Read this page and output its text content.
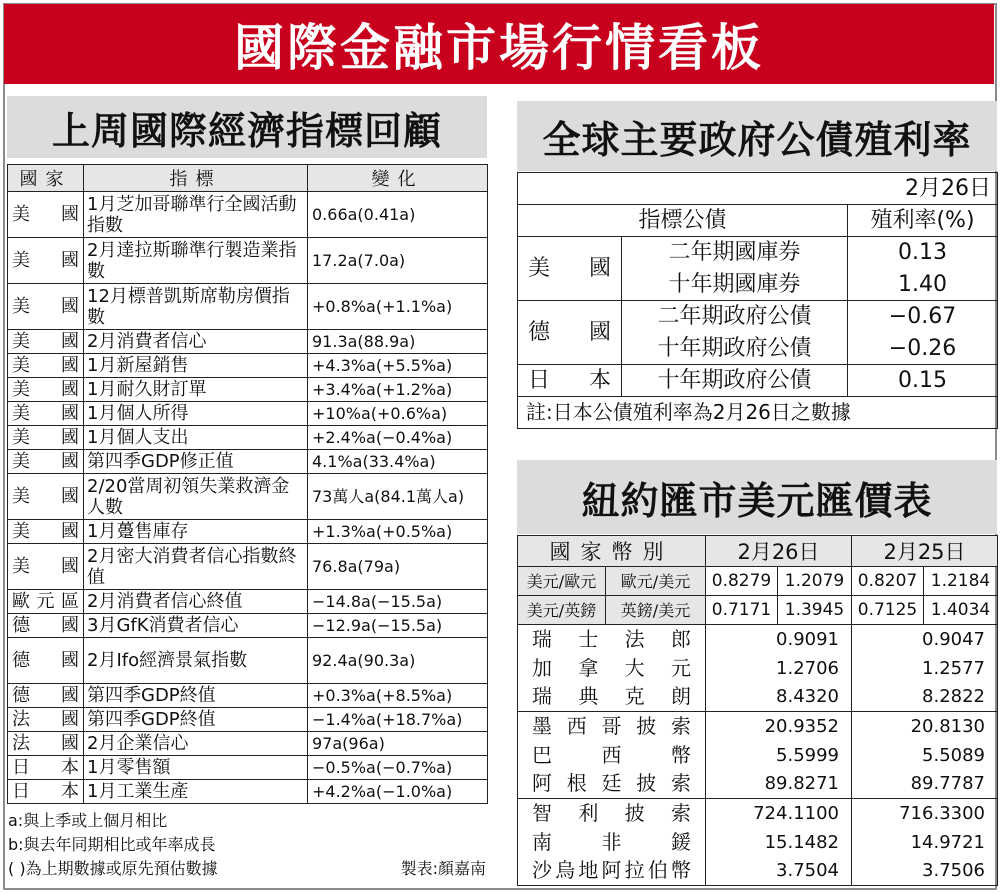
國際金融市場行情看板
上周國際經濟指標回顧
國家	指標	變化
美國	1月芝加哥聯準行全國活動指數	0.66a(0.41a)
美國	2月達拉斯聯準行製造業指數	17.2a(7.0a)
美國	12月標普凱斯席勒房價指數	+0.8%a(+1.1%a)
美國	2月消費者信心	91.3a(88.9a)
美國	1月新屋銷售	+4.3%a(+5.5%a)
美國	1月耐久財訂單	+3.4%a(+1.2%a)
美國	1月個人所得	+10%a(+0.6%a)
美國	1月個人支出	+2.4%a(−0.4%a)
美國	第四季GDP修正值	4.1%a(33.4%a)
美國	2/20當周初領失業救濟金人數	73萬人a(84.1萬人a)
美國	1月躉售庫存	+1.3%a(+0.5%a)
美國	2月密大消費者信心指數終值	76.8a(79a)
歐元區	2月消費者信心終值	−14.8a(−15.5a)
德國	3月GfK消費者信心	−12.9a(−15.5a)
德國	2月Ifo經濟景氣指數	92.4a(90.3a)
德國	第四季GDP終值	+0.3%a(+8.5%a)
法國	第四季GDP終值	−1.4%a(+18.7%a)
法國	2月企業信心	97a(96a)
日本	1月零售額	−0.5%a(−0.7%a)
日本	1月工業生產	+4.2%a(−1.0%a)
a:與上季或上個月相比
b:與去年同期相比或年率成長
( )為上期數據或原先預估數據	製表:顏嘉南
全球主要政府公債殖利率
2月26日		
指標公債		殖利率(%)
美國	二年期國庫券	0.13
	十年期國庫券	1.40
德國	二年期政府公債	−0.67
	十年期政府公債	−0.26
日本	十年期政府公債	0.15
註:日本公債殖利率為2月26日之數據		
紐約匯市美元匯價表
國家幣別		2月26日		2月25日	
美元/歐元	歐元/美元	0.8279	1.2079	0.8207	1.2184
美元/英鎊	英鎊/美元	0.7171	1.3945	0.7125	1.4034
瑞士法郎		0.9091		0.9047	
加拿大元		1.2706		1.2577	
瑞典克朗		8.4320		8.2822	
墨西哥披索		20.9352		20.8130	
巴西幣		5.5999		5.5089	
阿根廷披索		89.8271		89.7787	
智利披索		724.1100		716.3300	
南非鍰		15.1482		14.9721	
沙烏地阿拉伯幣		3.7504		3.7506	
